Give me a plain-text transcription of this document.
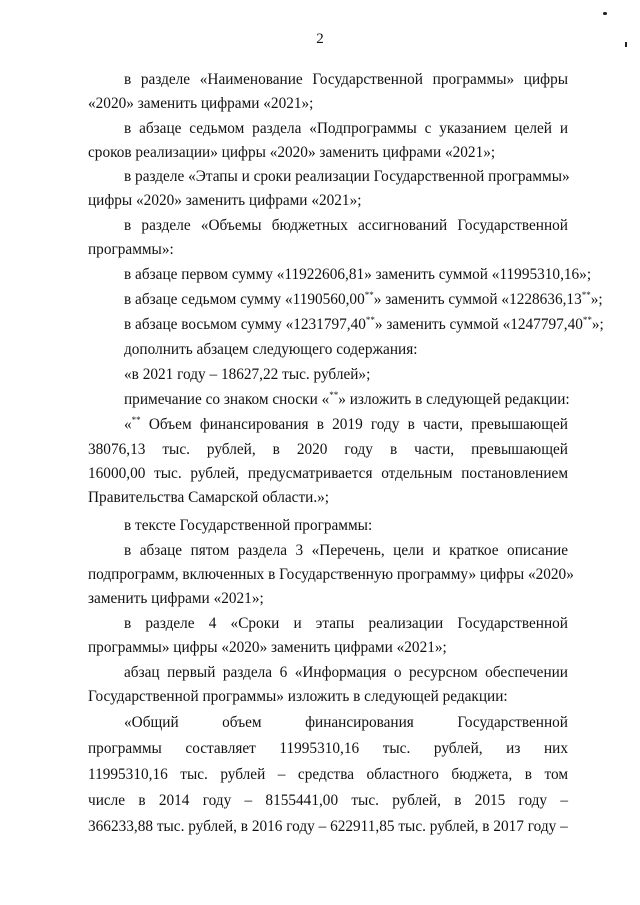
2
в разделе «Наименование Государственной программы» цифры
«2020» заменить цифрами «2021»;
в абзаце седьмом раздела «Подпрограммы с указанием целей и
сроков реализации» цифры «2020» заменить цифрами «2021»;
в разделе «Этапы и сроки реализации Государственной программы»
цифры «2020» заменить цифрами «2021»;
в разделе «Объемы бюджетных ассигнований Государственной
программы»:
в абзаце первом сумму «11922606,81» заменить суммой «11995310,16»;
в абзаце седьмом сумму «1190560,00**» заменить суммой «1228636,13**»;
в абзаце восьмом сумму «1231797,40**» заменить суммой «1247797,40**»;
дополнить абзацем следующего содержания:
«в 2021 году – 18627,22 тыс. рублей»;
примечание со знаком сноски «**» изложить в следующей редакции:
«** Объем финансирования в 2019 году в части, превышающей
38076,13 тыс. рублей, в 2020 году в части, превышающей
16000,00 тыс. рублей, предусматривается отдельным постановлением
Правительства Самарской области.»;
в тексте Государственной программы:
в абзаце пятом раздела 3 «Перечень, цели и краткое описание
подпрограмм, включенных в Государственную программу» цифры «2020»
заменить цифрами «2021»;
в разделе 4 «Сроки и этапы реализации Государственной
программы» цифры «2020» заменить цифрами «2021»;
абзац первый раздела 6 «Информация о ресурсном обеспечении
Государственной программы» изложить в следующей редакции:
«Общий объем финансирования Государственной
программы составляет 11995310,16 тыс. рублей, из них
11995310,16 тыс. рублей – средства областного бюджета, в том
числе в 2014 году – 8155441,00 тыс. рублей, в 2015 году –
366233,88 тыс. рублей, в 2016 году – 622911,85 тыс. рублей, в 2017 году –
